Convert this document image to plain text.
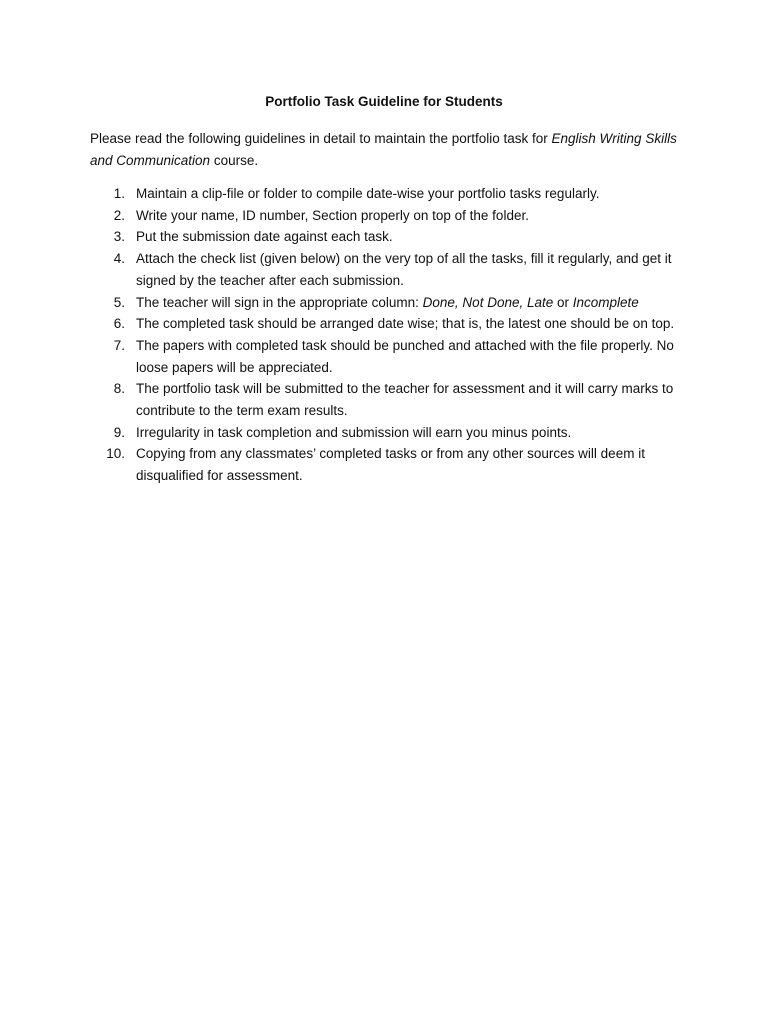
Portfolio Task Guideline for Students

Please read the following guidelines in detail to maintain the portfolio task for English Writing Skills and Communication course.

1. Maintain a clip-file or folder to compile date-wise your portfolio tasks regularly.
2. Write your name, ID number, Section properly on top of the folder.
3. Put the submission date against each task.
4. Attach the check list (given below) on the very top of all the tasks, fill it regularly, and get it signed by the teacher after each submission.
5. The teacher will sign in the appropriate column: Done, Not Done, Late or Incomplete
6. The completed task should be arranged date wise; that is, the latest one should be on top.
7. The papers with completed task should be punched and attached with the file properly. No loose papers will be appreciated.
8. The portfolio task will be submitted to the teacher for assessment and it will carry marks to contribute to the term exam results.
9. Irregularity in task completion and submission will earn you minus points.
10. Copying from any classmates’ completed tasks or from any other sources will deem it disqualified for assessment.
